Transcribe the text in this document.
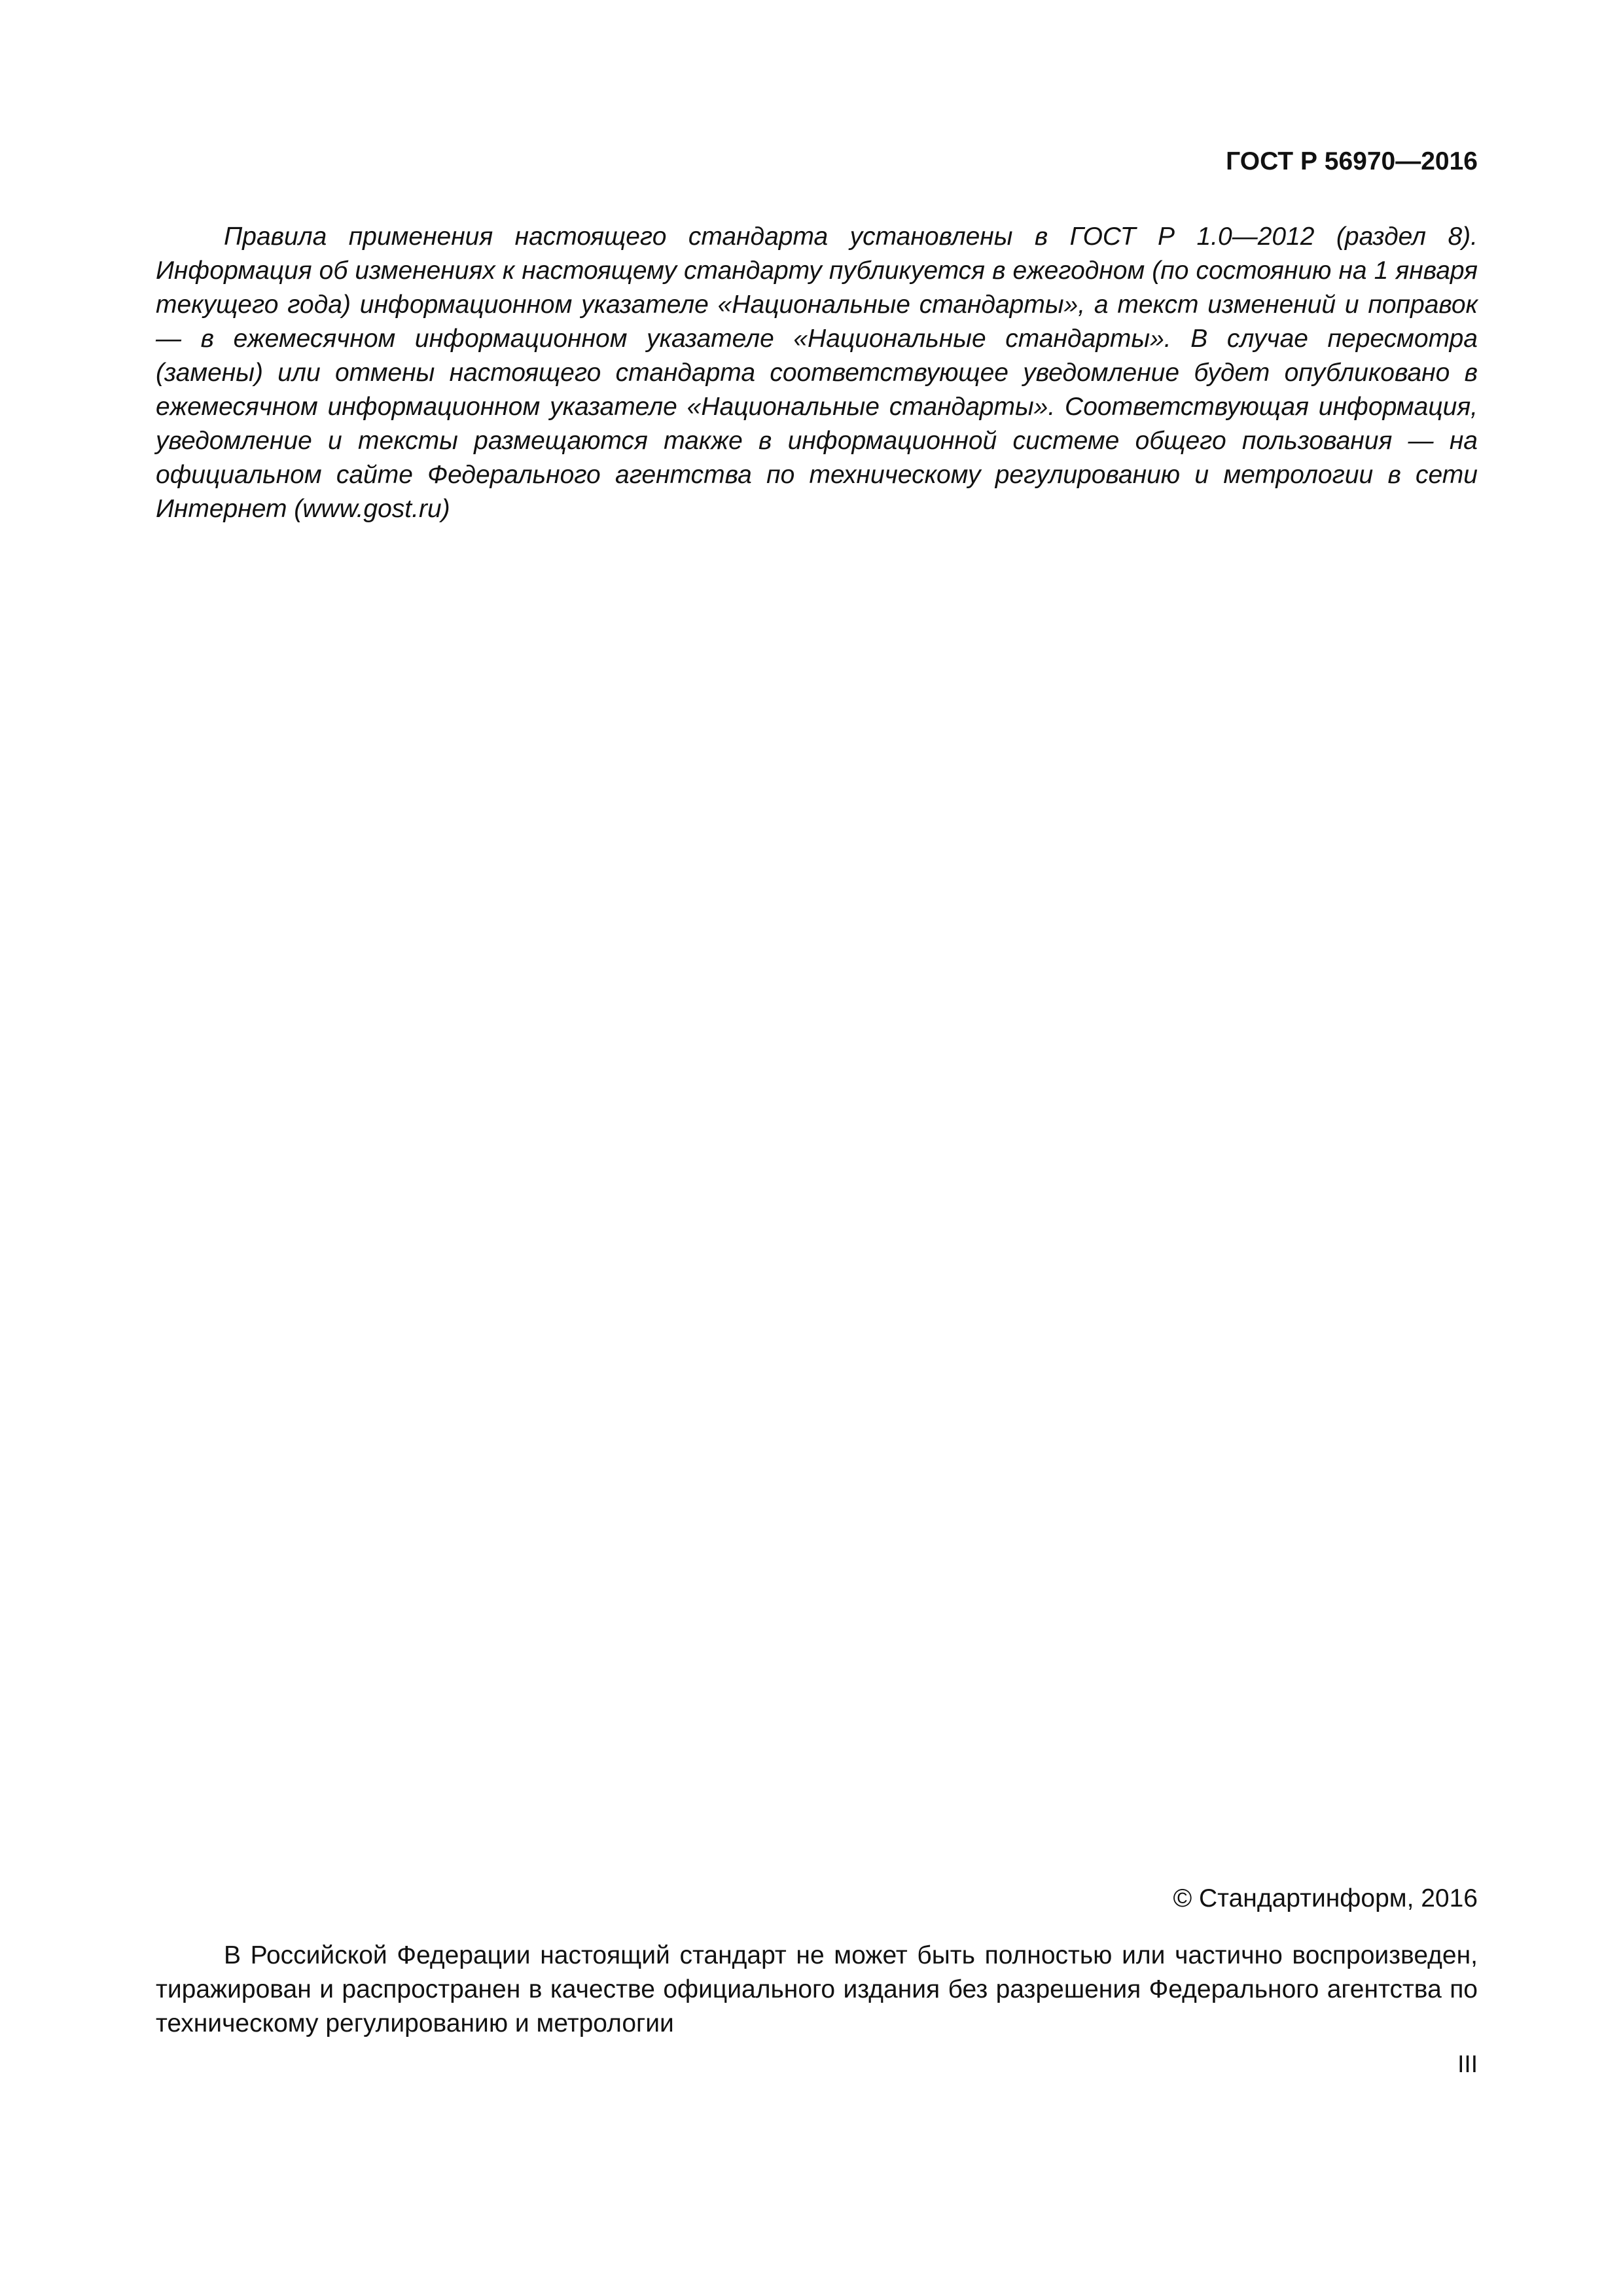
ГОСТ Р 56970—2016

Правила применения настоящего стандарта установлены в ГОСТ Р 1.0—2012 (раздел 8). Информация об изменениях к настоящему стандарту публикуется в ежегодном (по состоянию на 1 января текущего года) информационном указателе «Национальные стандарты», а текст изменений и поправок — в ежемесячном информационном указателе «Национальные стандарты». В случае пересмотра (замены) или отмены настоящего стандарта соответствующее уведомление будет опубликовано в ежемесячном информационном указателе «Национальные стандарты». Соответствующая информация, уведомление и тексты размещаются также в информационной системе общего пользования — на официальном сайте Федерального агентства по техническому регулированию и метрологии в сети Интернет (www.gost.ru)

© Стандартинформ, 2016

В Российской Федерации настоящий стандарт не может быть полностью или частично воспроизведен, тиражирован и распространен в качестве официального издания без разрешения Федерального агентства по техническому регулированию и метрологии

III
